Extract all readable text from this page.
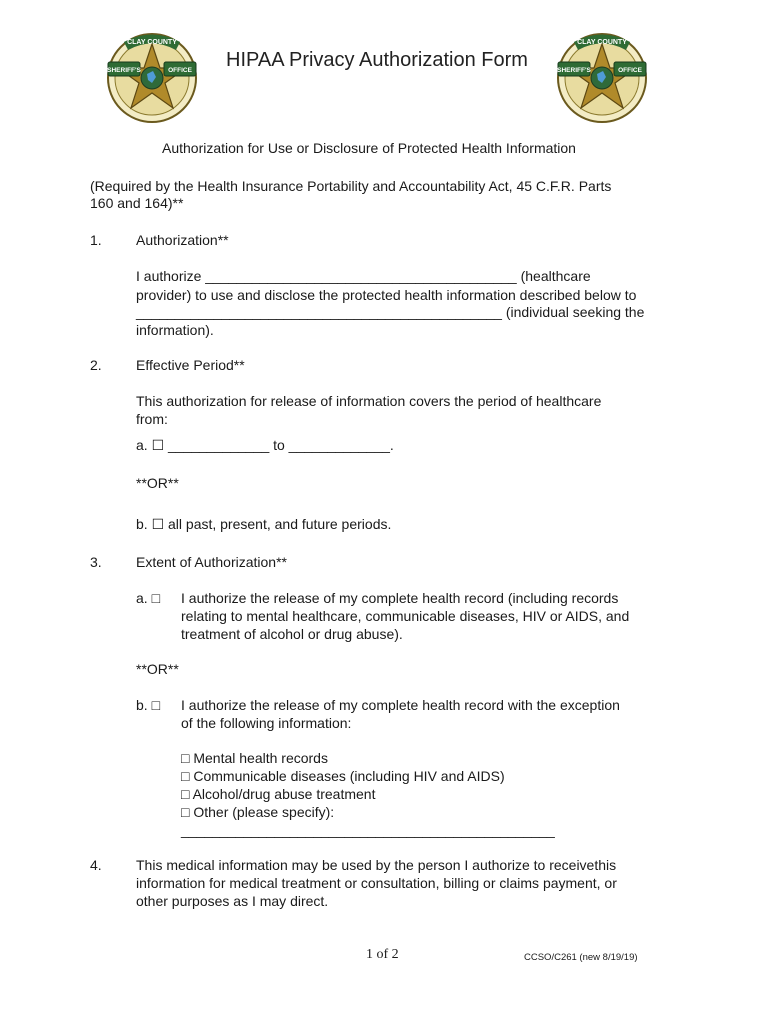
CLAY COUNTY
SHERIFF'S	OFFICE
CLAY COUNTY
SHERIFF'S	OFFICE
HIPAA Privacy Authorization Form
Authorization for Use or Disclosure of Protected Health Information
(Required by the Health Insurance Portability and Accountability Act, 45 C.F.R. Parts
160 and 164)**
1. Authorization**
I authorize ________________________________________ (healthcare
provider) to use and disclose the protected health information described below to
_______________________________________________ (individual seeking the
information).
2. Effective Period**
This authorization for release of information covers the period of healthcare
from:
a. ☐ _____________ to _____________.
**OR**
b. ☐ all past, present, and future periods.
3. Extent of Authorization**
a. □ I authorize the release of my complete health record (including records
relating to mental healthcare, communicable diseases, HIV or AIDS, and
treatment of alcohol or drug abuse).
**OR**
b. □ I authorize the release of my complete health record with the exception
of the following information:
□ Mental health records
□ Communicable diseases (including HIV and AIDS)
□ Alcohol/drug abuse treatment
□ Other (please specify):
________________________________________________
4. This medical information may be used by the person I authorize to receivethis
information for medical treatment or consultation, billing or claims payment, or
other purposes as I may direct.
1 of 2	CCSO/C261 (new 8/19/19)
